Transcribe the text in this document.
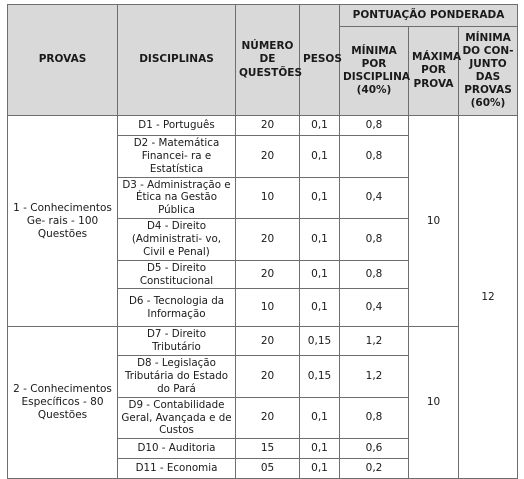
PROVAS	DISCIPLINAS	NÚMERO DE QUESTÕES	PESOS	PONTUAÇÃO PONDERADA		
				MÍNIMA POR DISCIPLINA (40%)	MÁXIMA POR PROVA	MÍNIMA DO CON- JUNTO DAS PROVAS (60%)
1 - Conhecimentos Ge- rais - 100 Questões	D1 - Português	20	0,1	0,8	10	12
	D2 - Matemática Financei- ra e Estatística	20	0,1	0,8		
	D3 - Administração e Ética na Gestão Pública	10	0,1	0,4		
	D4 - Direito (Administrati- vo, Civil e Penal)	20	0,1	0,8		
	D5 - Direito Constitucional	20	0,1	0,8		
	D6 - Tecnologia da Informação	10	0,1	0,4		
2 - Conhecimentos Específicos - 80 Questões	D7 - Direito Tributário	20	0,15	1,2	10	
	D8 - Legislação Tributária do Estado do Pará	20	0,15	1,2		
	D9 - Contabilidade Geral, Avançada e de Custos	20	0,1	0,8		
	D10 - Auditoria	15	0,1	0,6		
	D11 - Economia	05	0,1	0,2		
